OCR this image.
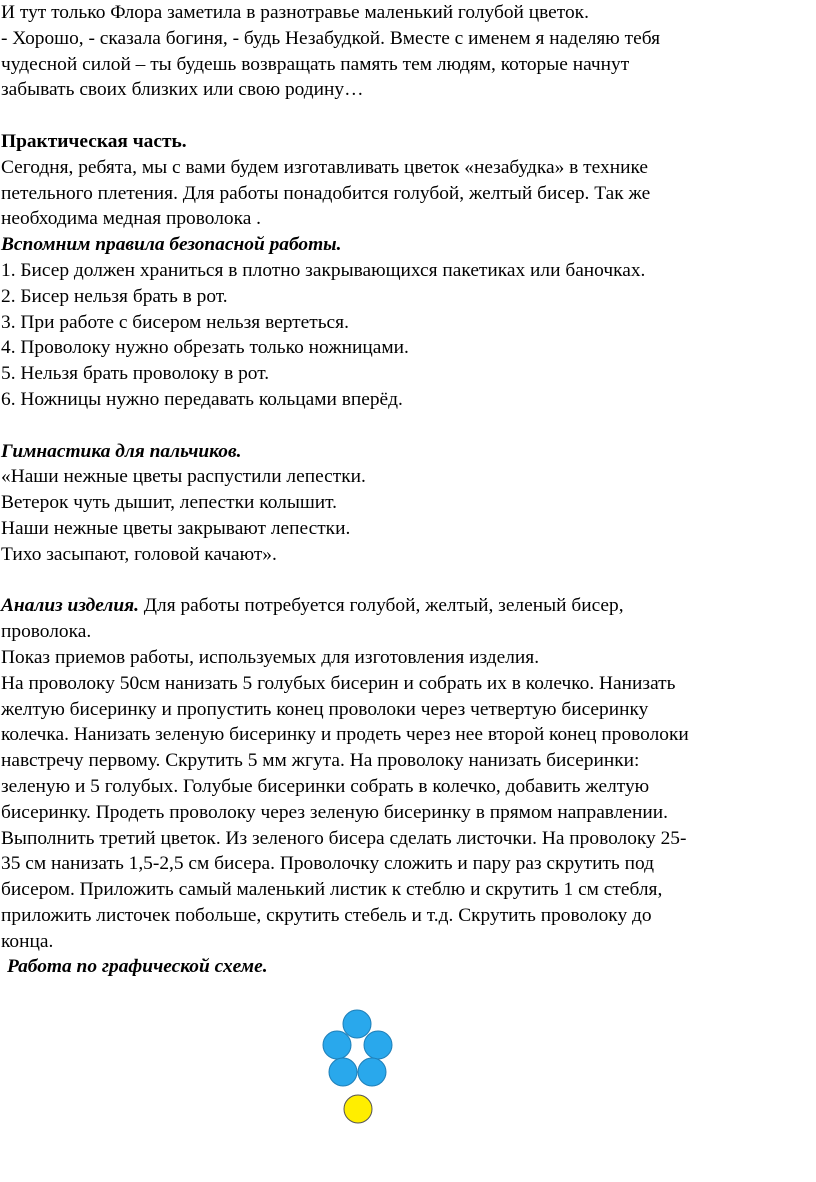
И тут только Флора заметила в разнотравье маленький голубой цветок.
- Хорошо, - сказала богиня, - будь Незабудкой. Вместе с именем я наделяю тебя
чудесной силой – ты будешь возвращать память тем людям, которые начнут
забывать своих близких или свою родину…
Практическая часть.
Сегодня, ребята, мы с вами будем изготавливать цветок «незабудка» в технике
петельного плетения. Для работы понадобится голубой, желтый бисер. Так же
необходима медная проволока .
Вспомним правила безопасной работы.
1. Бисер должен храниться в плотно закрывающихся пакетиках или баночках.
2. Бисер нельзя брать в рот.
3. При работе с бисером нельзя вертеться.
4. Проволоку нужно обрезать только ножницами.
5. Нельзя брать проволоку в рот.
6. Ножницы нужно передавать кольцами вперёд.
Гимнастика для пальчиков.
«Наши нежные цветы распустили лепестки.
Ветерок чуть дышит, лепестки колышит.
Наши нежные цветы закрывают лепестки.
Тихо засыпают, головой качают».
Анализ изделия. Для работы потребуется голубой, желтый, зеленый бисер,
проволока.
Показ приемов работы, используемых для изготовления изделия.
На проволоку 50см нанизать 5 голубых бисерин и собрать их в колечко. Нанизать
желтую бисеринку и пропустить конец проволоки через четвертую бисеринку
колечка. Нанизать зеленую бисеринку и продеть через нее второй конец проволоки
навстречу первому. Скрутить 5 мм жгута. На проволоку нанизать бисеринки:
зеленую и 5 голубых. Голубые бисеринки собрать в колечко, добавить желтую
бисеринку. Продеть проволоку через зеленую бисеринку в прямом направлении.
Выполнить третий цветок. Из зеленого бисера сделать листочки. На проволоку 25-
35 см нанизать 1,5-2,5 см бисера. Проволочку сложить и пару раз скрутить под
бисером. Приложить самый маленький листик к стеблю и скрутить 1 см стебля,
приложить листочек побольше, скрутить стебель и т.д. Скрутить проволоку до
конца.
Работа по графической схеме.
